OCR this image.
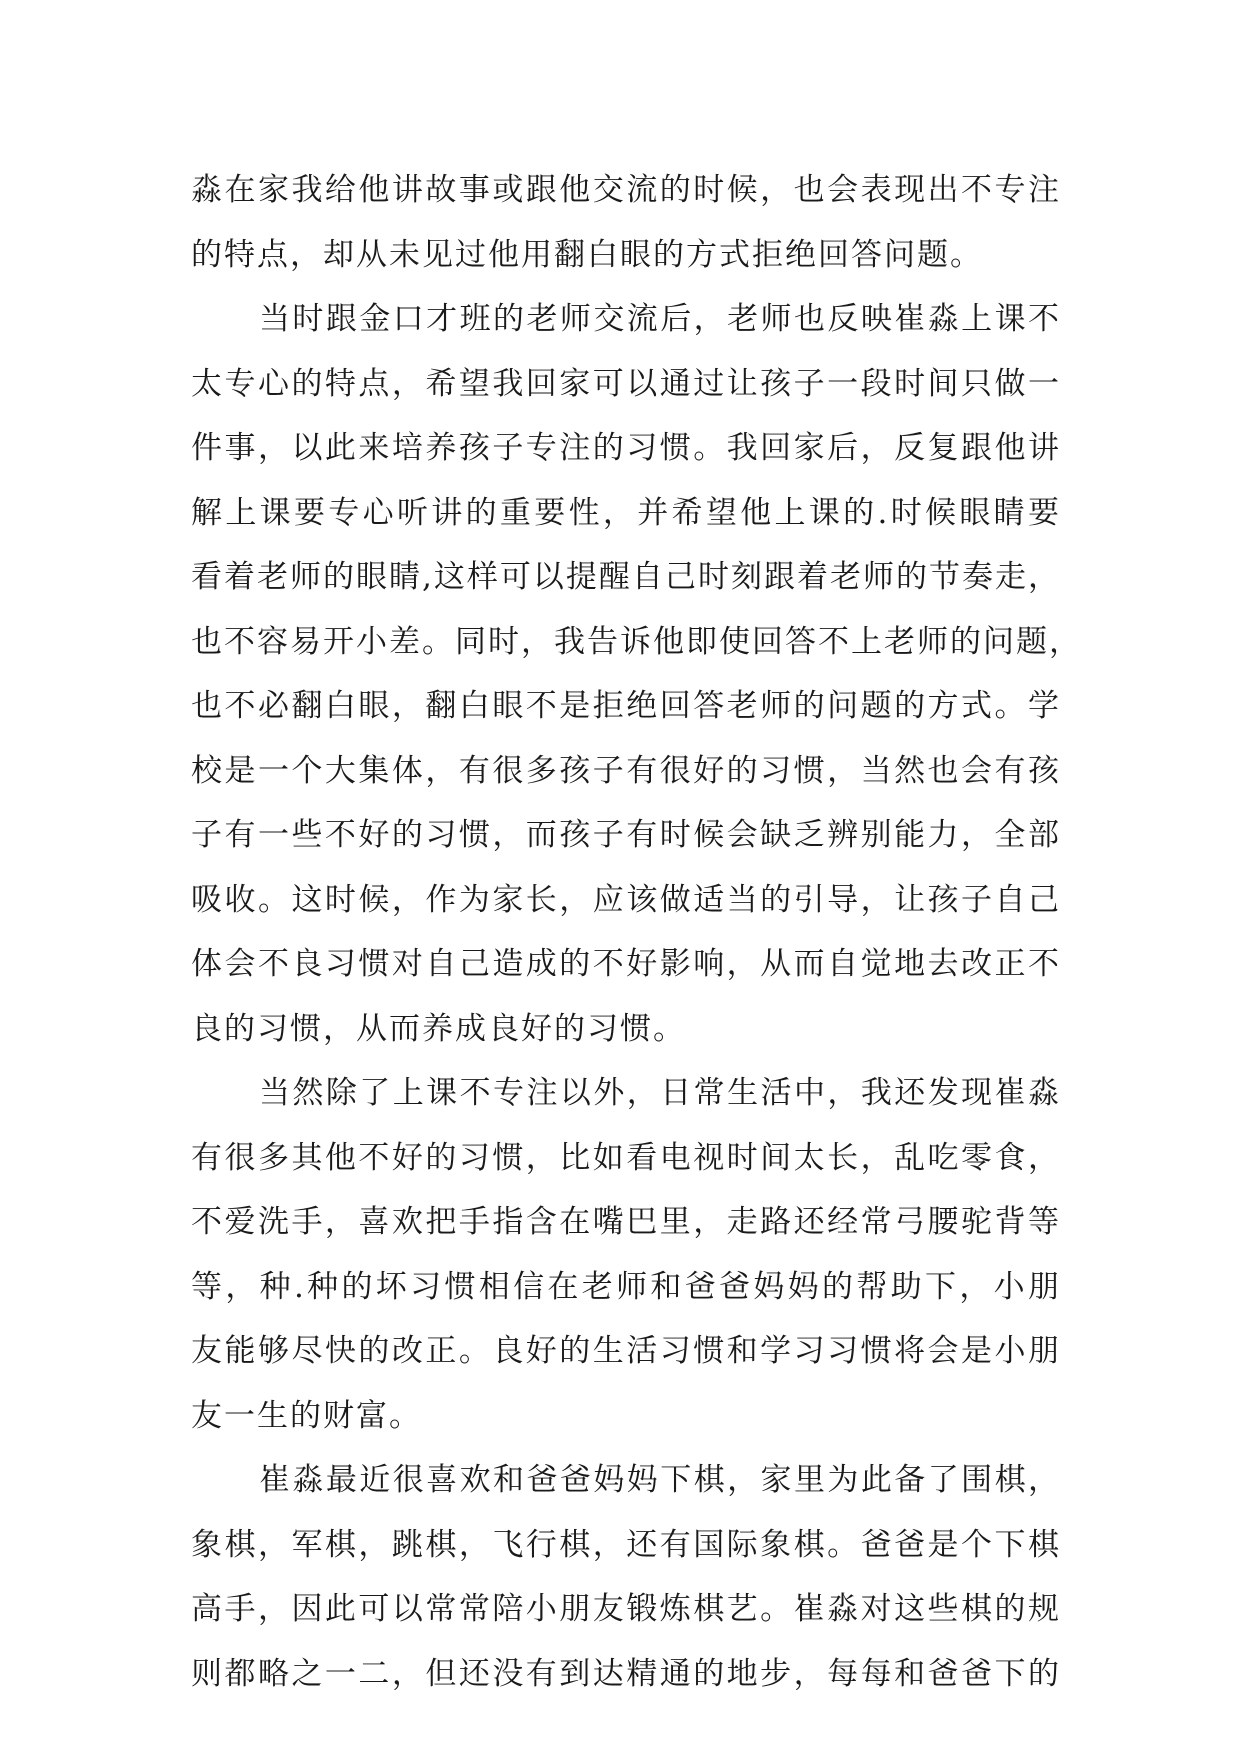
淼在家我给他讲故事或跟他交流的时候，也会表现出不专注
的特点，却从未见过他用翻白眼的方式拒绝回答问题。
当时跟金口才班的老师交流后，老师也反映崔淼上课不
太专心的特点，希望我回家可以通过让孩子一段时间只做一
件事，以此来培养孩子专注的习惯。我回家后，反复跟他讲
解上课要专心听讲的重要性，并希望他上课的.时候眼睛要
看着老师的眼睛,这样可以提醒自己时刻跟着老师的节奏走，
也不容易开小差。同时，我告诉他即使回答不上老师的问题，
也不必翻白眼，翻白眼不是拒绝回答老师的问题的方式。学
校是一个大集体，有很多孩子有很好的习惯，当然也会有孩
子有一些不好的习惯，而孩子有时候会缺乏辨别能力，全部
吸收。这时候，作为家长，应该做适当的引导，让孩子自己
体会不良习惯对自己造成的不好影响，从而自觉地去改正不
良的习惯，从而养成良好的习惯。
当然除了上课不专注以外，日常生活中，我还发现崔淼
有很多其他不好的习惯，比如看电视时间太长，乱吃零食，
不爱洗手，喜欢把手指含在嘴巴里，走路还经常弓腰驼背等
等，种.种的坏习惯相信在老师和爸爸妈妈的帮助下，小朋
友能够尽快的改正。良好的生活习惯和学习习惯将会是小朋
友一生的财富。
崔淼最近很喜欢和爸爸妈妈下棋，家里为此备了围棋，
象棋，军棋，跳棋，飞行棋，还有国际象棋。爸爸是个下棋
高手，因此可以常常陪小朋友锻炼棋艺。崔淼对这些棋的规
则都略之一二，但还没有到达精通的地步，每每和爸爸下的
